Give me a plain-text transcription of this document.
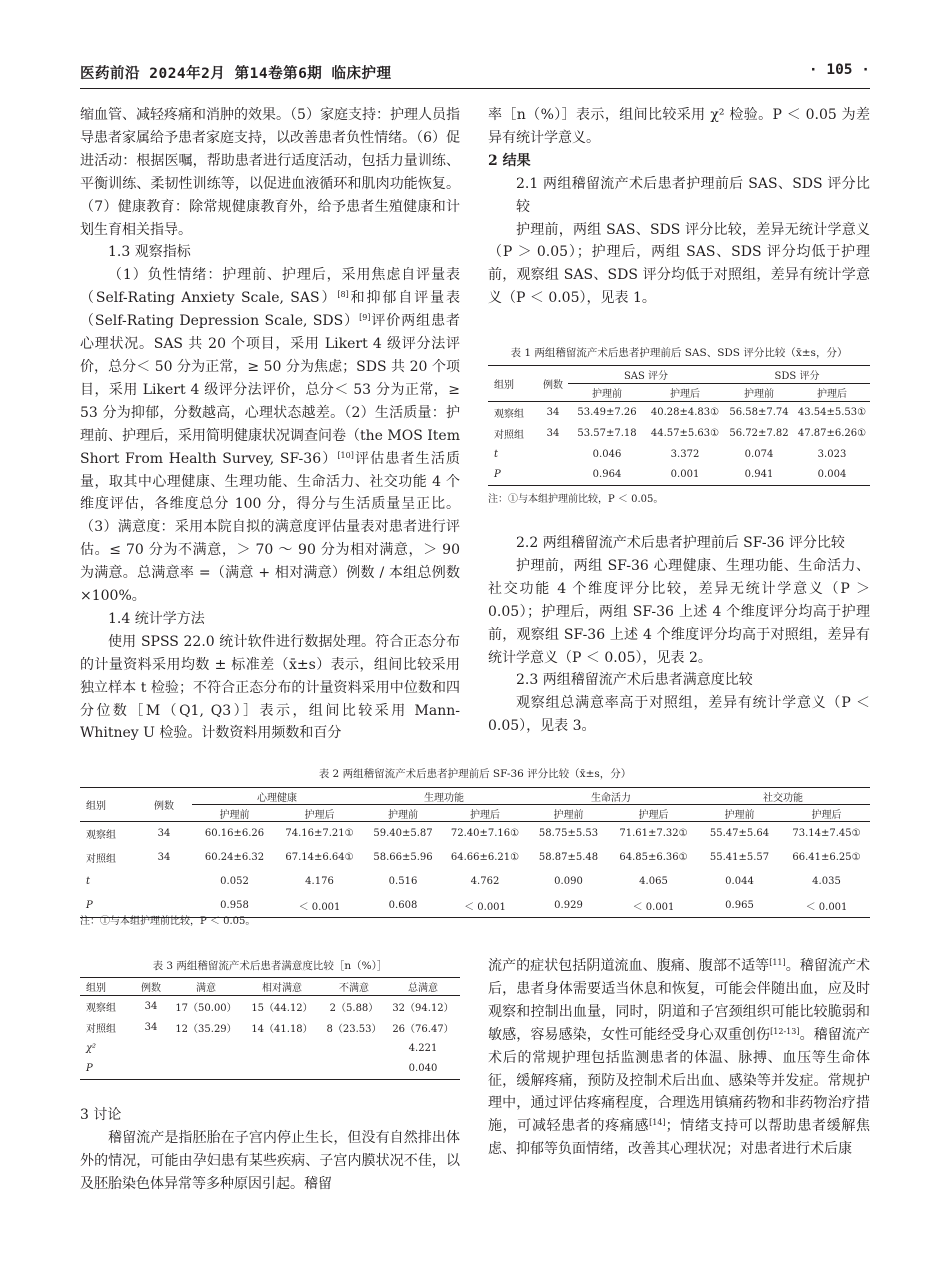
医药前沿 2024年2月 第14卷第6期 临床护理	· 105 ·

缩血管、减轻疼痛和消肿的效果。（5）家庭支持：护理人员指导患者家属给予患者家庭支持，以改善患者负性情绪。（6）促进活动：根据医嘱，帮助患者进行适度活动，包括力量训练、平衡训练、柔韧性训练等，以促进血液循环和肌肉功能恢复。（7）健康教育：除常规健康教育外，给予患者生殖健康和计划生育相关指导。

1.3 观察指标

（1）负性情绪：护理前、护理后，采用焦虑自评量表（Self-Rating Anxiety Scale, SAS）[8]和抑郁自评量表（Self-Rating Depression Scale, SDS）[9]评价两组患者心理状况。SAS 共 20 个项目，采用 Likert 4 级评分法评价，总分＜ 50 分为正常，≥ 50 分为焦虑；SDS 共 20 个项目，采用 Likert 4 级评分法评价，总分＜ 53 分为正常，≥ 53 分为抑郁，分数越高，心理状态越差。（2）生活质量：护理前、护理后，采用简明健康状况调查问卷（the MOS Item Short From Health Survey, SF-36）[10]评估患者生活质量，取其中心理健康、生理功能、生命活力、社交功能 4 个维度评估，各维度总分 100 分，得分与生活质量呈正比。（3）满意度：采用本院自拟的满意度评估量表对患者进行评估。≤ 70 分为不满意，＞ 70 ～ 90 分为相对满意，＞ 90 为满意。总满意率 =（满意 + 相对满意）例数 / 本组总例数 ×100%。

1.4 统计学方法

使用 SPSS 22.0 统计软件进行数据处理。符合正态分布的计量资料采用均数 ± 标准差（x̄±s）表示，组间比较采用独立样本 t 检验；不符合正态分布的计量资料采用中位数和四分位数［M（Q1, Q3）］表示，组间比较采用 Mann-Whitney U 检验。计数资料用频数和百分

率［n（%）］表示，组间比较采用 χ² 检验。P ＜ 0.05 为差异有统计学意义。

2 结果

2.1 两组稽留流产术后患者护理前后 SAS、SDS 评分比较

护理前，两组 SAS、SDS 评分比较，差异无统计学意义（P ＞ 0.05）；护理后，两组 SAS、SDS 评分均低于护理前，观察组 SAS、SDS 评分均低于对照组，差异有统计学意义（P ＜ 0.05），见表 1。

表 1 两组稽留流产术后患者护理前后 SAS、SDS 评分比较（x̄±s，分）
组别	例数	SAS 评分		SDS 评分	
		护理前	护理后	护理前	护理后
观察组	34	53.49±7.26	40.28±4.83①	56.58±7.74	43.54±5.53①
对照组	34	53.57±7.18	44.57±5.63①	56.72±7.82	47.87±6.26①
t		0.046	3.372	0.074	3.023
P		0.964	0.001	0.941	0.004
注：①与本组护理前比较，P ＜ 0.05。

2.2 两组稽留流产术后患者护理前后 SF-36 评分比较

护理前，两组 SF-36 心理健康、生理功能、生命活力、社交功能 4 个维度评分比较，差异无统计学意义（P ＞ 0.05）；护理后，两组 SF-36 上述 4 个维度评分均高于护理前，观察组 SF-36 上述 4 个维度评分均高于对照组，差异有统计学意义（P ＜ 0.05），见表 2。

2.3 两组稽留流产术后患者满意度比较

观察组总满意率高于对照组，差异有统计学意义（P ＜ 0.05），见表 3。

表 2 两组稽留流产术后患者护理前后 SF-36 评分比较（x̄±s，分）
组别	例数	心理健康		生理功能		生命活力		社交功能	
		护理前	护理后	护理前	护理后	护理前	护理后	护理前	护理后
观察组	34	60.16±6.26	74.16±7.21①	59.40±5.87	72.40±7.16①	58.75±5.53	71.61±7.32①	55.47±5.64	73.14±7.45①
对照组	34	60.24±6.32	67.14±6.64①	58.66±5.96	64.66±6.21①	58.87±5.48	64.85±6.36①	55.41±5.57	66.41±6.25①
t		0.052	4.176	0.516	4.762	0.090	4.065	0.044	4.035
P		0.958	＜ 0.001	0.608	＜ 0.001	0.929	＜ 0.001	0.965	＜ 0.001
注：①与本组护理前比较，P ＜ 0.05。
表 3 两组稽留流产术后患者满意度比较［n（%）］
组别	例数	满意	相对满意	不满意	总满意
观察组	34	17（50.00）	15（44.12）	2（5.88）	32（94.12）
对照组	34	12（35.29）	14（41.18）	8（23.53）	26（76.47）
χ²					4.221
P					0.040

3 讨论

稽留流产是指胚胎在子宫内停止生长，但没有自然排出体外的情况，可能由孕妇患有某些疾病、子宫内膜状况不佳，以及胚胎染色体异常等多种原因引起。稽留

流产的症状包括阴道流血、腹痛、腹部不适等[11]。稽留流产术后，患者身体需要适当休息和恢复，可能会伴随出血，应及时观察和控制出血量，同时，阴道和子宫颈组织可能比较脆弱和敏感，容易感染，女性可能经受身心双重创伤[12-13]。稽留流产术后的常规护理包括监测患者的体温、脉搏、血压等生命体征，缓解疼痛，预防及控制术后出血、感染等并发症。常规护理中，通过评估疼痛程度，合理选用镇痛药物和非药物治疗措施，可减轻患者的疼痛感[14]；情绪支持可以帮助患者缓解焦虑、抑郁等负面情绪，改善其心理状况；对患者进行术后康
